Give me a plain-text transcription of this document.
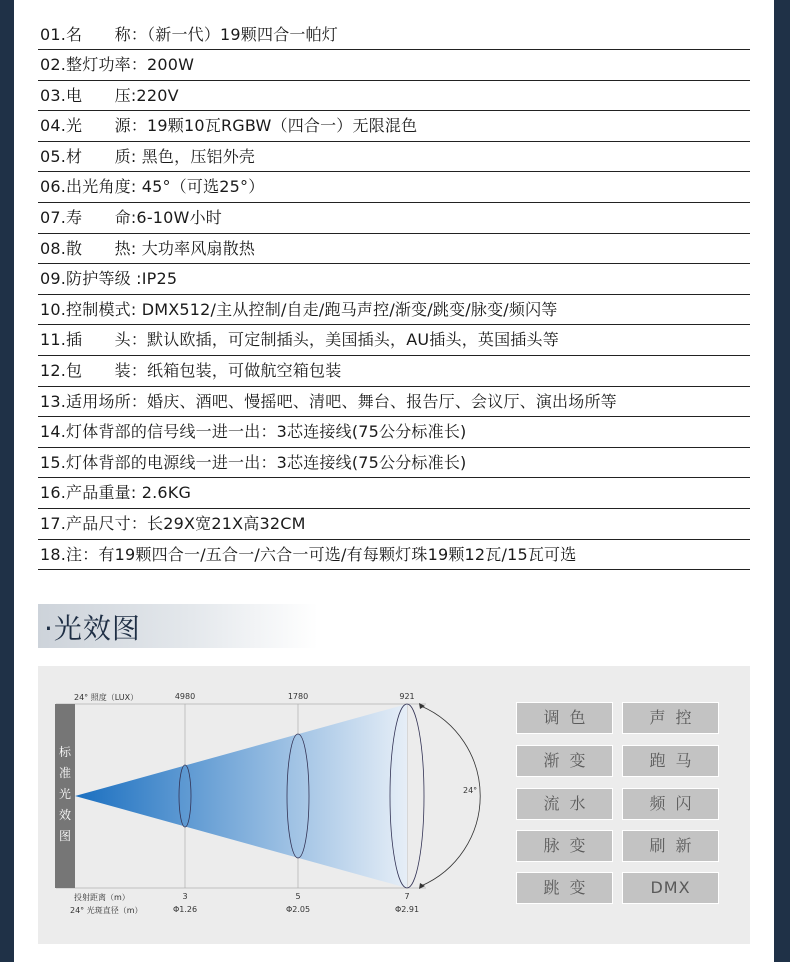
01.名　　称：（新一代）19颗四合一帕灯
02.整灯功率：200W
03.电　　压:220V
04.光　　源：19颗10瓦RGBW（四合一）无限混色
05.材　　质: 黑色，压铝外壳
06.出光角度: 45°（可选25°）
07.寿　　命:6-10W小时
08.散　　热: 大功率风扇散热
09.防护等级 :IP25
10.控制模式: DMX512/主从控制/自走/跑马声控/渐变/跳变/脉变/频闪等
11.插　　头：默认欧插，可定制插头，美国插头，AU插头，英国插头等
12.包　　装：纸箱包装，可做航空箱包装
13.适用场所：婚庆、酒吧、慢摇吧、清吧、舞台、报告厅、会议厅、演出场所等
14.灯体背部的信号线一进一出：3芯连接线(75公分标准长)
15.灯体背部的电源线一进一出：3芯连接线(75公分标准长)
16.产品重量: 2.6KG
17.产品尺寸：长29X宽21X高32CM
18.注：有19颗四合一/五合一/六合一可选/有每颗灯珠19颗12瓦/15瓦可选
·光效图
标
准
光
效
图
24° 照度（LUX）	4980	1780	921
24°
投射距离（m）	3	5	7
24° 光斑直径（m）	Φ1.26	Φ2.05	Φ2.91
调色	声控
渐变	跑马
流水	频闪
脉变	刷新
跳变	DMX
